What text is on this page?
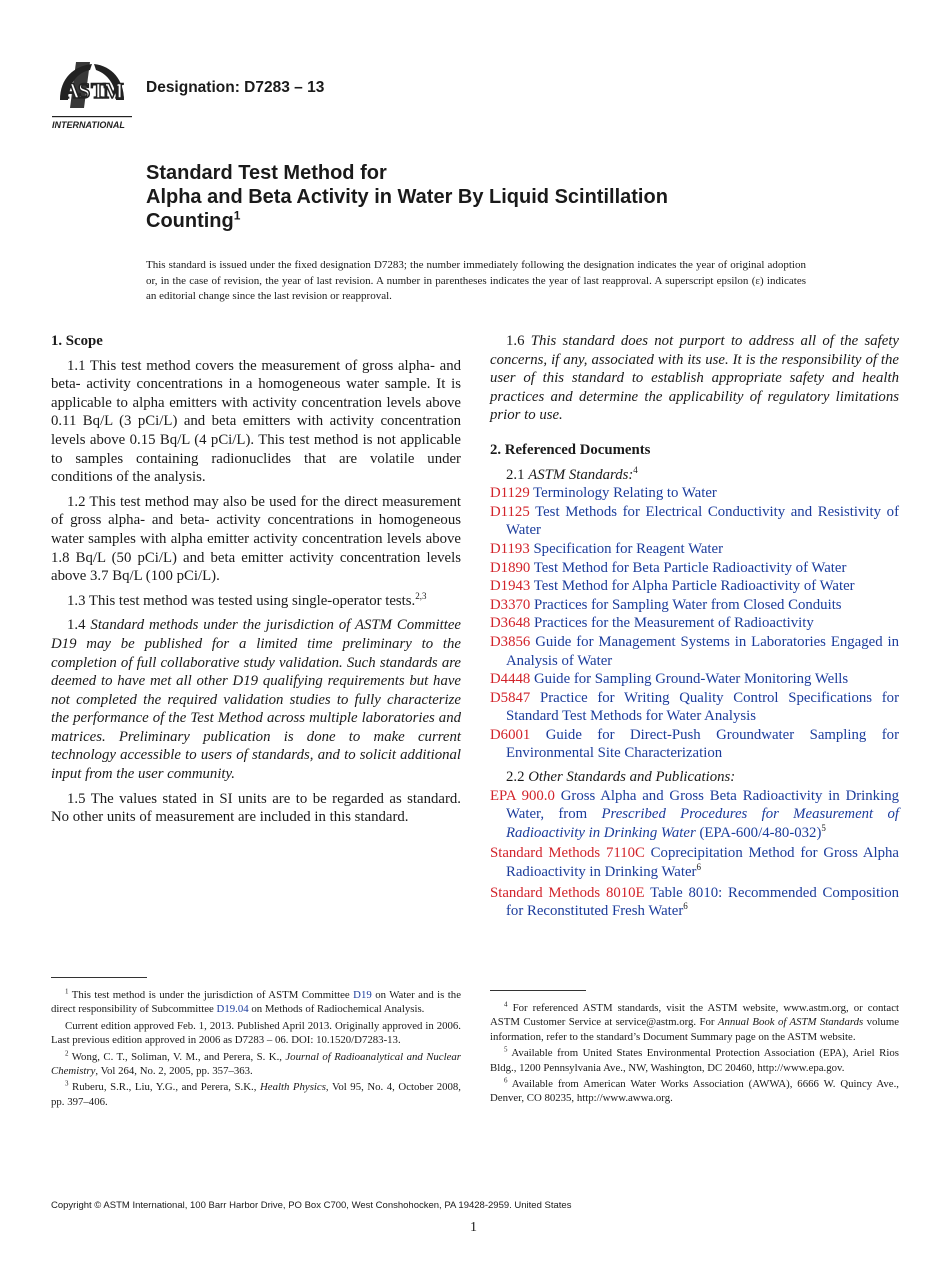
A
S T
M
INTERNATIONAL
Designation: D7283 – 13
Standard Test Method for
Alpha and Beta Activity in Water By Liquid Scintillation
Counting$^1$
This standard is issued under the fixed designation D7283; the number immediately following the designation indicates the year of original adoption or, in the case of revision, the year of last revision. A number in parentheses indicates the year of last reapproval. A superscript epsilon (ε) indicates an editorial change since the last revision or reapproval.
1. Scope

1.1 This test method covers the measurement of gross alpha- and beta- activity concentrations in a homogeneous water sample. It is applicable to alpha emitters with activity concentration levels above 0.11 Bq/L (3 pCi/L) and beta emitters with activity concentration levels above 0.15 Bq/L (4 pCi/L). This test method is not applicable to samples containing radionuclides that are volatile under conditions of the analysis.

1.2 This test method may also be used for the direct measurement of gross alpha- and beta- activity concentrations in homogeneous water samples with alpha emitter activity concentration levels above 1.8 Bq/L (50 pCi/L) and beta emitter activity concentration levels above 3.7 Bq/L (100 pCi/L).

1.3 This test method was tested using single-operator tests.$^{2,3}$

1.4 Standard methods under the jurisdiction of ASTM Committee D19 may be published for a limited time preliminary to the completion of full collaborative study validation. Such standards are deemed to have met all other D19 qualifying requirements but have not completed the required validation studies to fully characterize the performance of the Test Method across multiple laboratories and matrices. Preliminary publication is done to make current technology accessible to users of standards, and to solicit additional input from the user community.

1.5 The values stated in SI units are to be regarded as standard. No other units of measurement are included in this standard.

1.6 This standard does not purport to address all of the safety concerns, if any, associated with its use. It is the responsibility of the user of this standard to establish appropriate safety and health practices and determine the applicability of regulatory limitations prior to use.

2. Referenced Documents
2.1 ASTM Standards:$^4$
D1129 Terminology Relating to Water
D1125 Test Methods for Electrical Conductivity and Resistivity of Water
D1193 Specification for Reagent Water
D1890 Test Method for Beta Particle Radioactivity of Water
D1943 Test Method for Alpha Particle Radioactivity of Water
D3370 Practices for Sampling Water from Closed Conduits
D3648 Practices for the Measurement of Radioactivity
D3856 Guide for Management Systems in Laboratories Engaged in Analysis of Water
D4448 Guide for Sampling Ground-Water Monitoring Wells
D5847 Practice for Writing Quality Control Specifications for Standard Test Methods for Water Analysis
D6001 Guide for Direct-Push Groundwater Sampling for Environmental Site Characterization
2.2 Other Standards and Publications:
EPA 900.0 Gross Alpha and Gross Beta Radioactivity in Drinking Water, from Prescribed Procedures for Measurement of Radioactivity in Drinking Water $(EPA-600/4-80-032)^5$
Standard Methods 7110C Coprecipitation Method for Gross Alpha Radioactivity in Drinking Water$^6$
Standard Methods 8010E Table 8010: Recommended Composition for Reconstituted Fresh Water$^6$

$^1$ This test method is under the jurisdiction of ASTM Committee D19 on Water and is the direct responsibility of Subcommittee D19.04 on Methods of Radiochemical Analysis.

Current edition approved Feb. 1, 2013. Published April 2013. Originally approved in 2006. Last previous edition approved in 2006 as D7283 – 06. DOI: 10.1520/D7283-13.

$^2$ Wong, C. T., Soliman, V. M., and Perera, S. K., Journal of Radioanalytical and Nuclear Chemistry, Vol 264, No. 2, 2005, pp. 357–363.

$^3$ Ruberu, S.R., Liu, Y.G., and Perera, S.K., Health Physics, Vol 95, No. 4, October 2008, pp. 397–406.

$^4$ For referenced ASTM standards, visit the ASTM website, www.astm.org, or contact ASTM Customer Service at service@astm.org. For Annual Book of ASTM Standards volume information, refer to the standard’s Document Summary page on the ASTM website.

$^5$ Available from United States Environmental Protection Association (EPA), Ariel Rios Bldg., 1200 Pennsylvania Ave., NW, Washington, DC 20460, http://www.epa.gov.

$^6$ Available from American Water Works Association (AWWA), 6666 W. Quincy Ave., Denver, CO 80235, http://www.awwa.org.

Copyright © ASTM International, 100 Barr Harbor Drive, PO Box C700, West Conshohocken, PA 19428-2959. United States
1
